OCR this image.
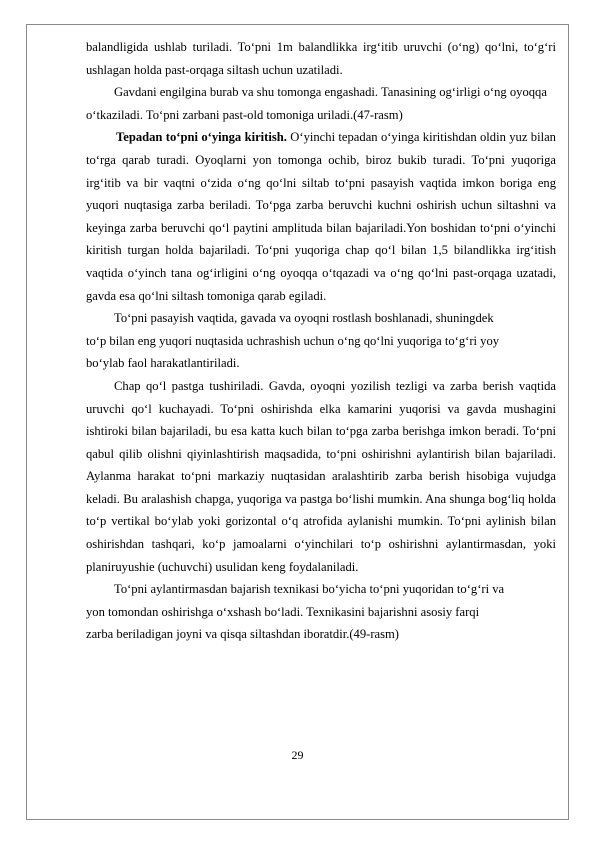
balandligida ushlab turiladi. To‘pni 1m balandlikka irg‘itib uruvchi (o‘ng) qo‘lni, to‘g‘ri ushlagan holda past-orqaga siltash uchun uzatiladi.

Gavdani engilgina burab va shu tomonga engashadi. Tanasining og‘irligi o‘ng oyoqqa o‘tkaziladi. To‘pni zarbani past-old tomoniga uriladi.(47-rasm)

Tepadan to‘pni o‘yinga kiritish. O‘yinchi tepadan o‘yinga kiritishdan oldin yuz bilan to‘rga qarab turadi. Oyoqlarni yon tomonga ochib, biroz bukib turadi. To‘pni yuqoriga irg‘itib va bir vaqtni o‘zida o‘ng qo‘lni siltab to‘pni pasayish vaqtida imkon boriga eng yuqori nuqtasiga zarba beriladi. To‘pga zarba beruvchi kuchni oshirish uchun siltashni va keyinga zarba beruvchi qo‘l paytini amplituda bilan bajariladi.Yon boshidan to‘pni o‘yinchi kiritish turgan holda bajariladi. To‘pni yuqoriga chap qo‘l bilan 1,5 bilandlikka irg‘itish vaqtida o‘yinch tana og‘irligini o‘ng oyoqqa o‘tqazadi va o‘ng qo‘lni past-orqaga uzatadi, gavda esa qo‘lni siltash tomoniga qarab egiladi.

To‘pni pasayish vaqtida, gavada va oyoqni rostlash boshlanadi, shuningdek

to‘p bilan eng yuqori nuqtasida uchrashish uchun o‘ng qo‘lni yuqoriga to‘g‘ri yoy

bo‘ylab faol harakatlantiriladi.

Chap qo‘l pastga tushiriladi. Gavda, oyoqni yozilish tezligi va zarba berish vaqtida uruvchi qo‘l kuchayadi. To‘pni oshirishda elka kamarini yuqorisi va gavda mushagini ishtiroki bilan bajariladi, bu esa katta kuch bilan to‘pga zarba berishga imkon beradi. To‘pni qabul qilib olishni qiyinlashtirish maqsadida, to‘pni oshirishni aylantirish bilan bajariladi. Aylanma harakat to‘pni markaziy nuqtasidan aralashtirib zarba berish hisobiga vujudga keladi. Bu aralashish chapga, yuqoriga va pastga bo‘lishi mumkin. Ana shunga bog‘liq holda to‘p vertikal bo‘ylab yoki gorizontal o‘q atrofida aylanishi mumkin. To‘pni aylinish bilan oshirishdan tashqari, ko‘p jamoalarni o‘yinchilari to‘p oshirishni aylantirmasdan, yoki planiruyushie (uchuvchi) usulidan keng foydalaniladi.

To‘pni aylantirmasdan bajarish texnikasi bo‘yicha to‘pni yuqoridan to‘g‘ri va

yon tomondan oshirishga o‘xshash bo‘ladi. Texnikasini bajarishni asosiy farqi

zarba beriladigan joyni va qisqa siltashdan iboratdir.(49-rasm)

29
